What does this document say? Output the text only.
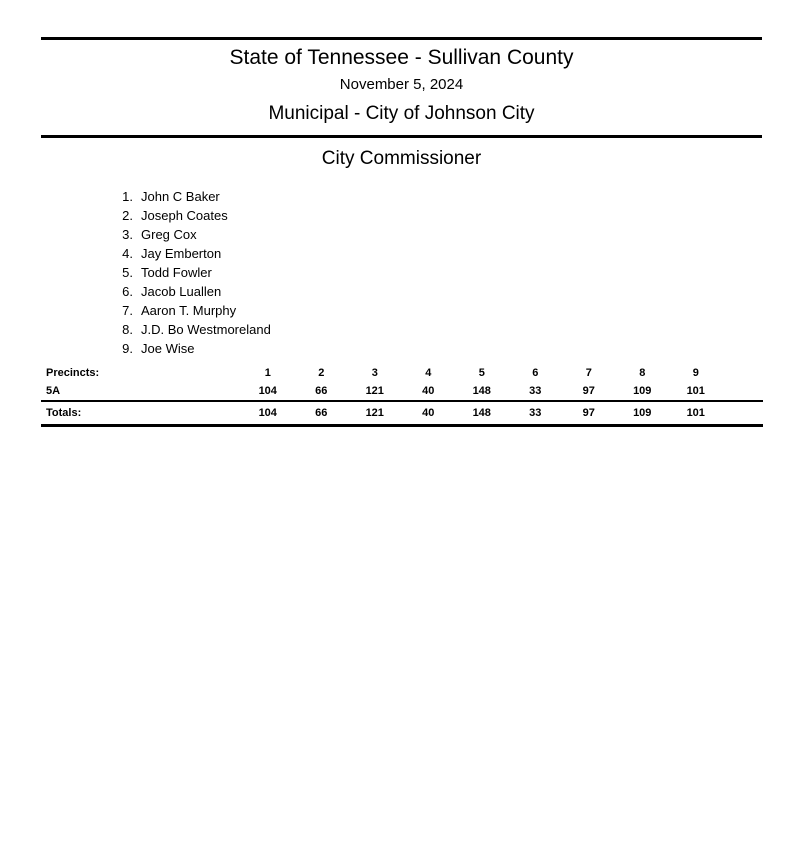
State of Tennessee - Sullivan County
November 5, 2024
Municipal - City of Johnson City
City Commissioner
1. John C Baker
2. Joseph Coates
3. Greg Cox
4. Jay Emberton
5. Todd Fowler
6. Jacob Luallen
7. Aaron T. Murphy
8. J.D. Bo Westmoreland
9. Joe Wise
Precincts:	1	2	3	4	5	6	7	8	9	
5A	104	66	121	40	148	33	97	109	101	
Totals:	104	66	121	40	148	33	97	109	101	
